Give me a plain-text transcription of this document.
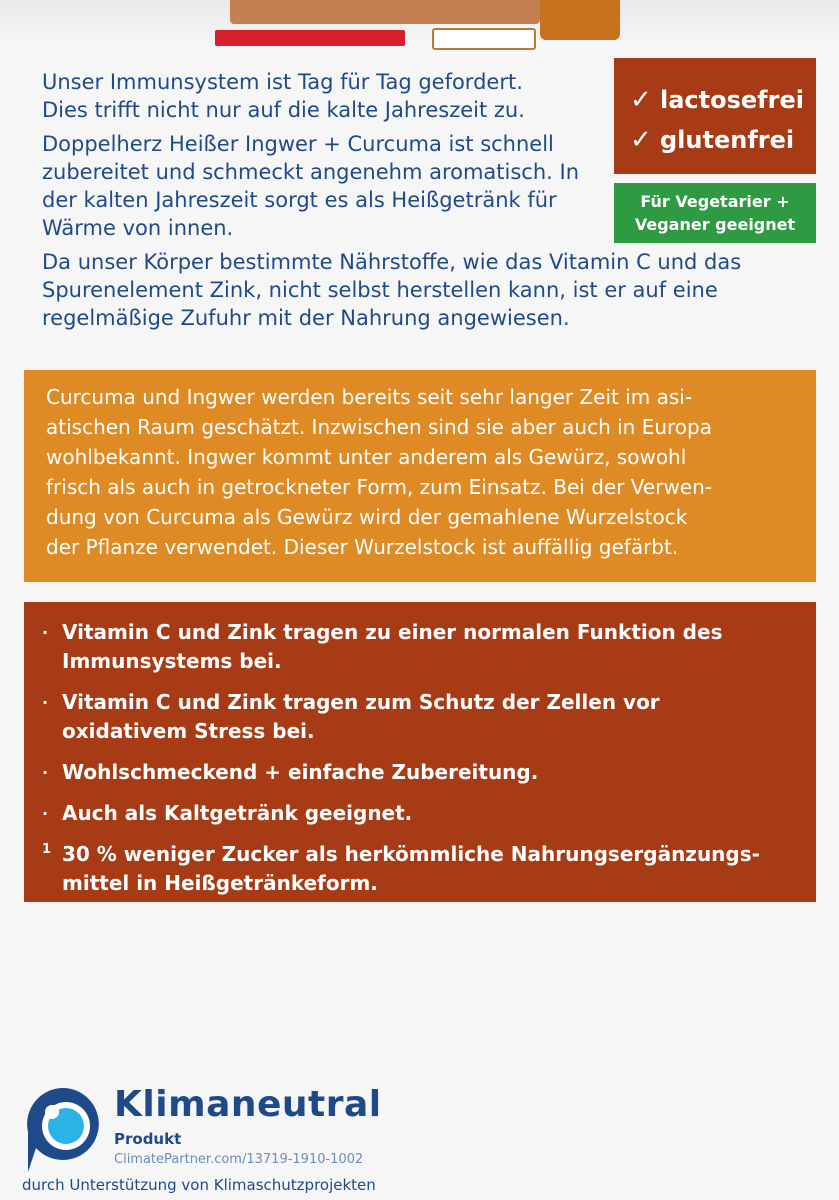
Unser Immunsystem ist Tag für Tag gefordert.
Dies trifft nicht nur auf die kalte Jahreszeit zu.

Doppelherz Heißer Ingwer + Curcuma ist schnell zubereitet und schmeckt angenehm aromatisch. In der kalten Jahreszeit sorgt es als Heißgetränk für Wärme von innen.

Da unser Körper bestimmte Nährstoffe, wie das Vitamin C und das Spurenelement Zink, nicht selbst herstellen kann, ist er auf eine regelmäßige Zufuhr mit der Nahrung angewiesen.

✓ lactosefrei
✓ glutenfrei
Für Vegetarier +
Veganer geeignet

Curcuma und Ingwer werden bereits seit sehr langer Zeit im asi-
atischen Raum geschätzt. Inzwischen sind sie aber auch in Europa
wohlbekannt. Ingwer kommt unter anderem als Gewürz, sowohl
frisch als auch in getrockneter Form, zum Einsatz. Bei der Verwen-
dung von Curcuma als Gewürz wird der gemahlene Wurzelstock
der Pflanze verwendet. Dieser Wurzelstock ist auffällig gefärbt.

· Vitamin C und Zink tragen zu einer normalen Funktion des
Immunsystems bei.
· Vitamin C und Zink tragen zum Schutz der Zellen vor
oxidativem Stress bei.
· Wohlschmeckend + einfache Zubereitung.
· Auch als Kaltgetränk geeignet.
1 30 % weniger Zucker als herkömmliche Nahrungsergänzungs-
mittel in Heißgetränkeform.
Klimaneutral
Produkt
ClimatePartner.com/13719-1910-1002
durch Unterstützung von Klimaschutzprojekten
